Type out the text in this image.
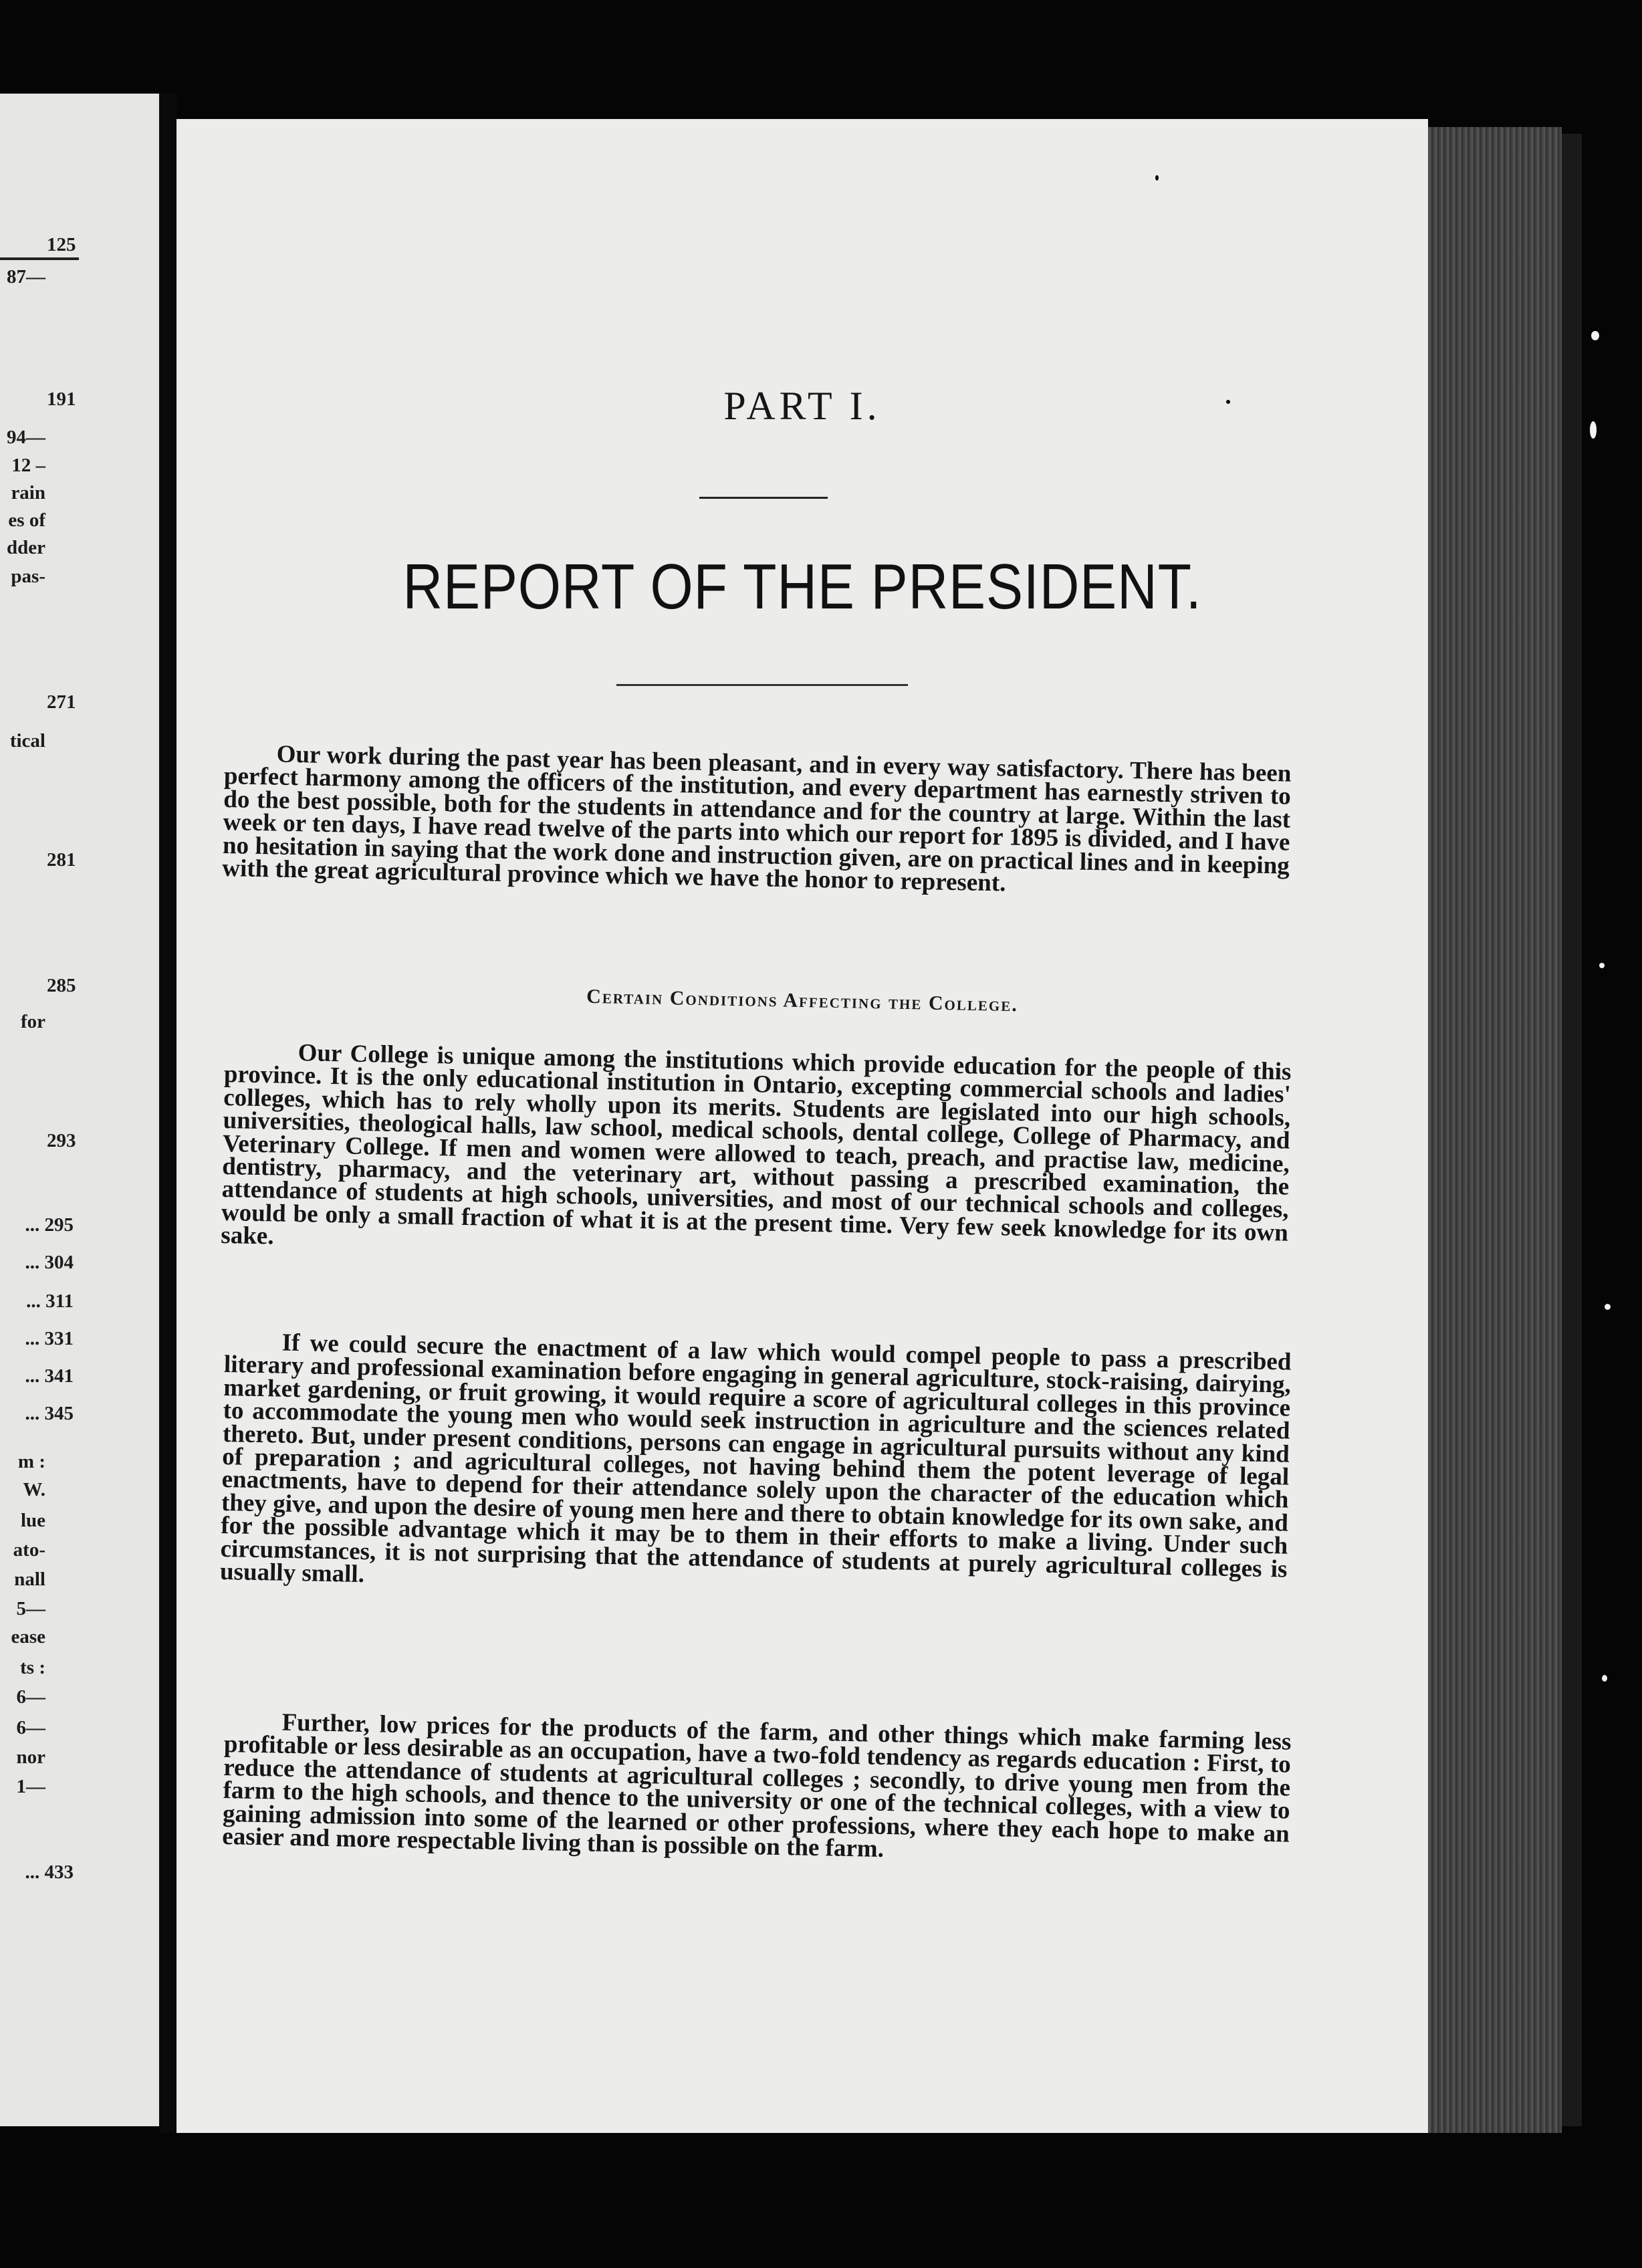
125
87—
191
94—
12 –
rain
es of
dder
pas-
271
tical
281
285
for
293
... 295
... 304
... 311
... 331
... 341
... 345
m :
W.
lue
ato-
nall
5—
ease
ts :
6—
6—
nor
1—
... 433
PART I.
REPORT OF THE PRESIDENT.

Our work during the past year has been pleasant, and in every way satisfactory. There has been perfect harmony among the officers of the institution, and every department has earnestly striven to do the best possible, both for the students in attendance and for the country at large. Within the last week or ten days, I have read twelve of the parts into which our report for 1895 is divided, and I have no hesitation in saying that the work done and instruction given, are on practical lines and in keeping with the great agricultural province which we have the honor to represent.

Certain Conditions Affecting the College.

Our College is unique among the institutions which provide education for the people of this province. It is the only educational institution in Ontario, excepting commercial schools and ladies' colleges, which has to rely wholly upon its merits. Students are legislated into our high schools, universities, theological halls, law school, medical schools, dental college, College of Pharmacy, and Veterinary College. If men and women were allowed to teach, preach, and practise law, medicine, dentistry, pharmacy, and the veterinary art, without passing a prescribed examination, the attendance of students at high schools, universities, and most of our technical schools and colleges, would be only a small fraction of what it is at the present time. Very few seek knowledge for its own sake.

If we could secure the enactment of a law which would compel people to pass a prescribed literary and professional examination before engaging in general agriculture, stock-raising, dairying, market gardening, or fruit growing, it would require a score of agricultural colleges in this province to accommodate the young men who would seek instruction in agriculture and the sciences related thereto. But, under present conditions, persons can engage in agricultural pursuits without any kind of preparation ; and agricultural colleges, not having behind them the potent leverage of legal enactments, have to depend for their attendance solely upon the character of the education which they give, and upon the desire of young men here and there to obtain knowledge for its own sake, and for the possible advantage which it may be to them in their efforts to make a living. Under such circumstances, it is not surprising that the attendance of students at purely agricultural colleges is usually small.

Further, low prices for the products of the farm, and other things which make farming less profitable or less desirable as an occupation, have a two-fold tendency as regards education : First, to reduce the attendance of students at agricultural colleges ; secondly, to drive young men from the farm to the high schools, and thence to the university or one of the technical colleges, with a view to gaining admission into some of the learned or other professions, where they each hope to make an easier and more respectable living than is possible on the farm.
